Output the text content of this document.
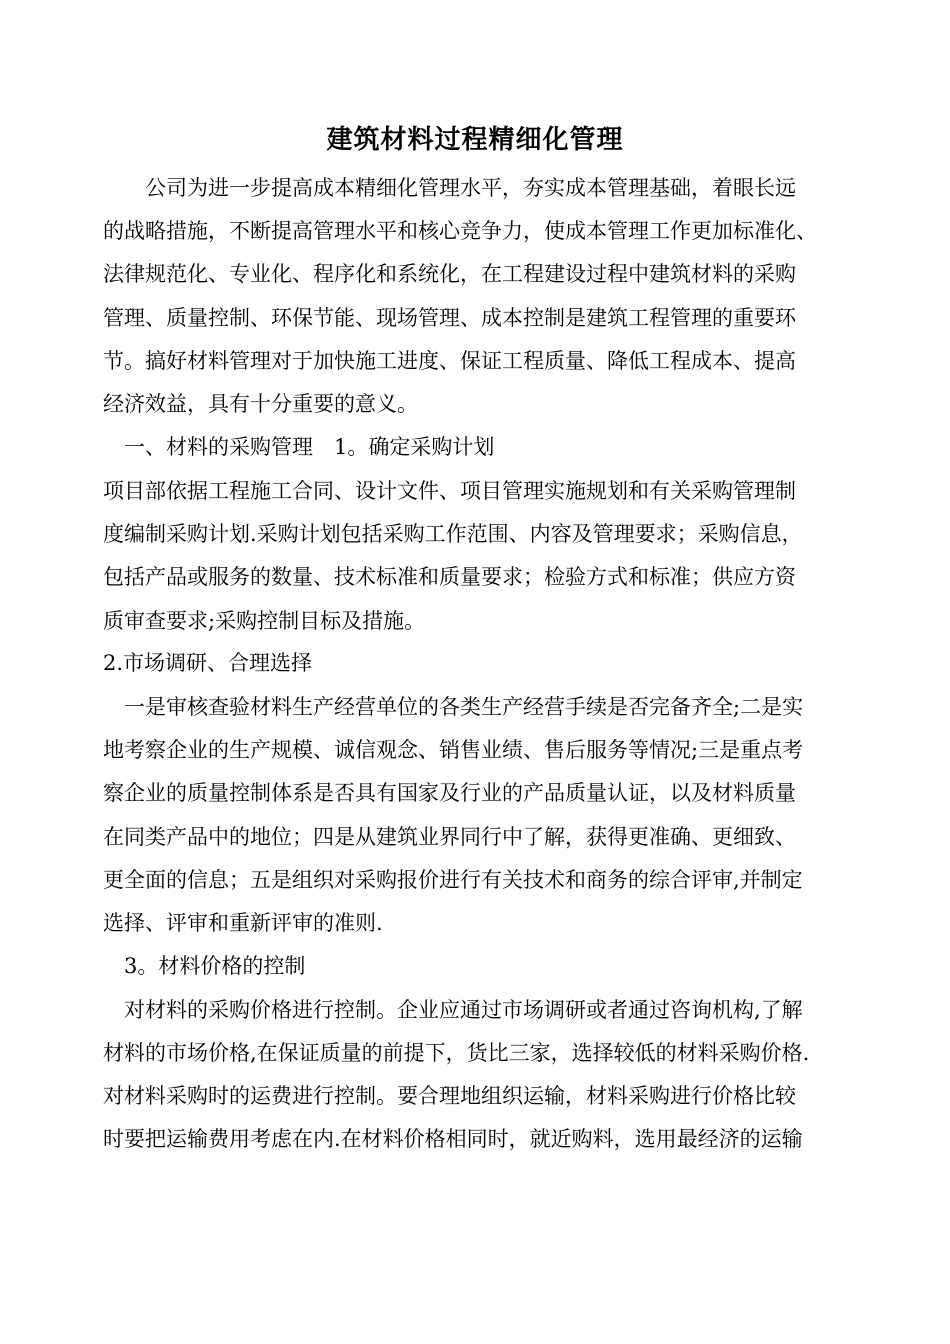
建筑材料过程精细化管理

　　公司为进一步提高成本精细化管理水平，夯实成本管理基础，着眼长远

的战略措施，不断提高管理水平和核心竞争力，使成本管理工作更加标准化、

法律规范化、专业化、程序化和系统化，在工程建设过程中建筑材料的采购

管理、质量控制、环保节能、现场管理、成本控制是建筑工程管理的重要环

节。搞好材料管理对于加快施工进度、保证工程质量、降低工程成本、提高

经济效益，具有十分重要的意义。

　一、材料的采购管理　1。确定采购计划

项目部依据工程施工合同、设计文件、项目管理实施规划和有关采购管理制

度编制采购计划.采购计划包括采购工作范围、内容及管理要求；采购信息，

包括产品或服务的数量、技术标准和质量要求；检验方式和标准；供应方资

质审查要求;采购控制目标及措施。

2.市场调研、合理选择

　一是审核查验材料生产经营单位的各类生产经营手续是否完备齐全;二是实

地考察企业的生产规模、诚信观念、销售业绩、售后服务等情况;三是重点考

察企业的质量控制体系是否具有国家及行业的产品质量认证，以及材料质量

在同类产品中的地位；四是从建筑业界同行中了解，获得更准确、更细致、

更全面的信息；五是组织对采购报价进行有关技术和商务的综合评审,并制定

选择、评审和重新评审的准则.

　3。材料价格的控制

　对材料的采购价格进行控制。企业应通过市场调研或者通过咨询机构,了解

材料的市场价格,在保证质量的前提下，货比三家，选择较低的材料采购价格.

对材料采购时的运费进行控制。要合理地组织运输，材料采购进行价格比较

时要把运输费用考虑在内.在材料价格相同时，就近购料，选用最经济的运输
